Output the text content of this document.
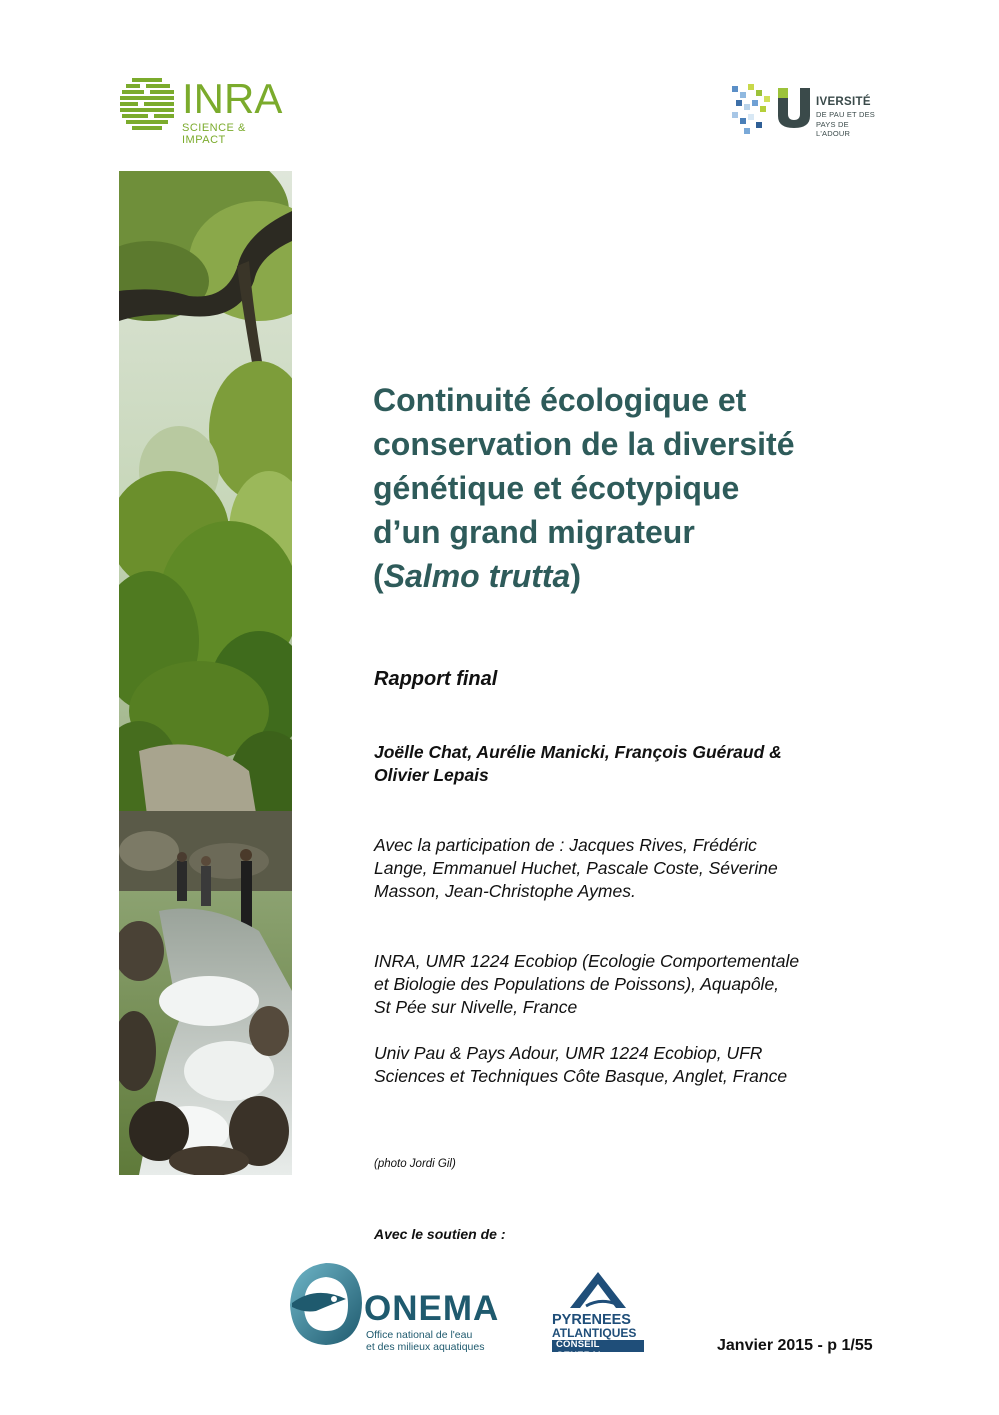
INRA
SCIENCE & IMPACT
IVERSITÉ
DE PAU ET DES
PAYS DE L'ADOUR
Continuité écologique et
conservation de la diversité
génétique et écotypique
d’un grand migrateur
(Salmo trutta)
Rapport final
Joëlle Chat, Aurélie Manicki, François Guéraud &
Olivier Lepais
Avec la participation de : Jacques Rives, Frédéric
Lange, Emmanuel Huchet, Pascale Coste, Séverine
Masson, Jean-Christophe Aymes.
INRA, UMR 1224 Ecobiop (Ecologie Comportementale
et Biologie des Populations de Poissons), Aquapôle,
St Pée sur Nivelle, France
Univ Pau & Pays Adour, UMR 1224 Ecobiop, UFR
Sciences et Techniques Côte Basque, Anglet, France
(photo Jordi Gil)
Avec le soutien de :
ONEMA
Office national de l'eau
et des milieux aquatiques
PYRENEES
ATLANTIQUES
CONSEIL GENERAL
Janvier 2015 - p 1/55
